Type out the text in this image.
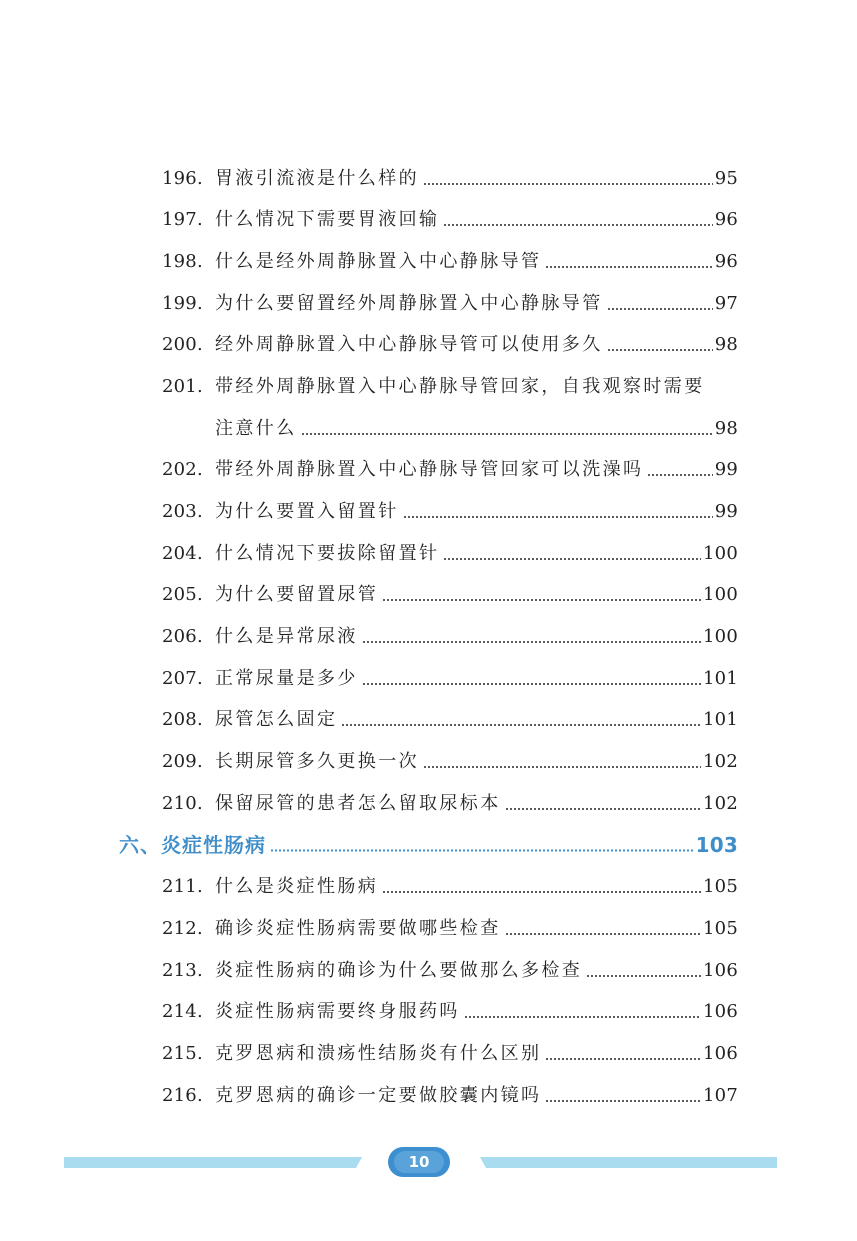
196. 胃液引流液是什么样的	95
197. 什么情况下需要胃液回输	96
198. 什么是经外周静脉置入中心静脉导管	96
199. 为什么要留置经外周静脉置入中心静脉导管	97
200. 经外周静脉置入中心静脉导管可以使用多久	98
201. 带经外周静脉置入中心静脉导管回家，自我观察时需要
注意什么	98
202. 带经外周静脉置入中心静脉导管回家可以洗澡吗	99
203. 为什么要置入留置针	99
204. 什么情况下要拔除留置针	100
205. 为什么要留置尿管	100
206. 什么是异常尿液	100
207. 正常尿量是多少	101
208. 尿管怎么固定	101
209. 长期尿管多久更换一次	102
210. 保留尿管的患者怎么留取尿标本	102
六、炎症性肠病	103
211. 什么是炎症性肠病	105
212. 确诊炎症性肠病需要做哪些检查	105
213. 炎症性肠病的确诊为什么要做那么多检查	106
214. 炎症性肠病需要终身服药吗	106
215. 克罗恩病和溃疡性结肠炎有什么区别	106
216. 克罗恩病的确诊一定要做胶囊内镜吗	107
10
